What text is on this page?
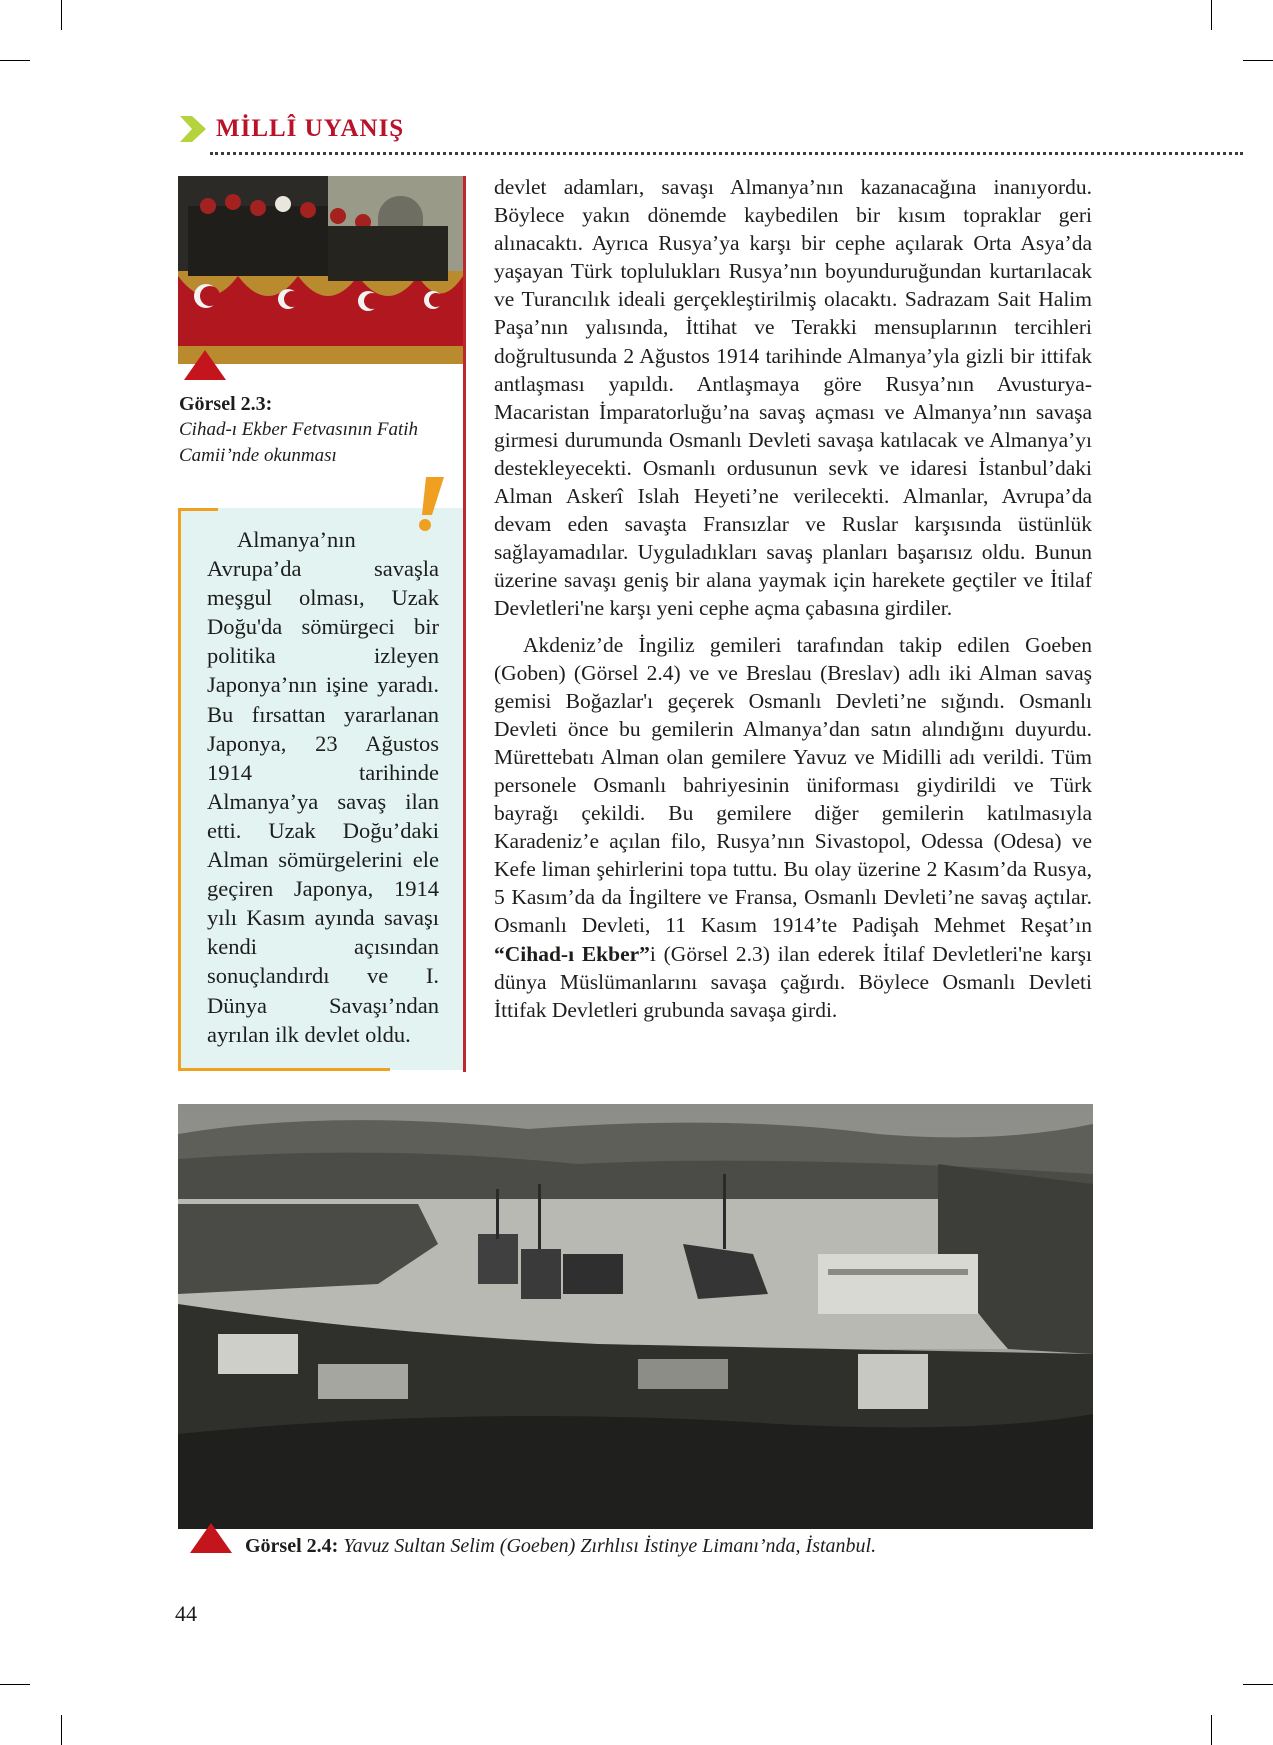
MİLLÎ UYANIŞ
Görsel 2.3:
Cihad-ı Ekber Fetvasının Fatih Camii’nde okunması
Almanya’nın Avrupa’da savaşla meşgul olması, Uzak Doğu'da sömürgeci bir politika izleyen Japonya’nın işine yaradı. Bu fırsattan yararlanan Japonya, 23 Ağustos 1914 tarihinde Almanya’ya savaş ilan etti. Uzak Doğu’daki Alman sömürgelerini ele geçiren Japonya, 1914 yılı Kasım ayında savaşı kendi açısından sonuçlandırdı ve I. Dünya Savaşı’ndan ayrılan ilk devlet oldu.

devlet adamları, savaşı Almanya’nın kazanacağına inanıyordu. Böylece yakın dönemde kaybedilen bir kısım topraklar geri alınacaktı. Ayrıca Rusya’ya karşı bir cephe açılarak Orta Asya’da yaşayan Türk toplulukları Rusya’nın boyunduruğundan kurtarılacak ve Turancılık ideali gerçekleştirilmiş olacaktı. Sadrazam Sait Halim Paşa’nın yalısında, İttihat ve Terakki mensuplarının tercihleri doğrultusunda 2 Ağustos 1914 tarihinde Almanya’yla gizli bir ittifak antlaşması yapıldı. Antlaşmaya göre Rusya’nın Avusturya-Macaristan İmparatorluğu’na savaş açması ve Almanya’nın savaşa girmesi durumunda Osmanlı Devleti savaşa katılacak ve Almanya’yı destekleyecekti. Osmanlı ordusunun sevk ve idaresi İstanbul’daki Alman Askerî Islah Heyeti’ne verilecekti. Almanlar, Avrupa’da devam eden savaşta Fransızlar ve Ruslar karşısında üstünlük sağlayamadılar. Uyguladıkları savaş planları başarısız oldu. Bunun üzerine savaşı geniş bir alana yaymak için harekete geçtiler ve İtilaf Devletleri'ne karşı yeni cephe açma çabasına girdiler.

Akdeniz’de İngiliz gemileri tarafından takip edilen Goeben (Goben) (Görsel 2.4) ve ve Breslau (Breslav) adlı iki Alman savaş gemisi Boğazlar'ı geçerek Osmanlı Devleti’ne sığındı. Osmanlı Devleti önce bu gemilerin Almanya’dan satın alındığını duyurdu. Mürettebatı Alman olan gemilere Yavuz ve Midilli adı verildi. Tüm personele Osmanlı bahriyesinin üniforması giydirildi ve Türk bayrağı çekildi. Bu gemilere diğer gemilerin katılmasıyla Karadeniz’e açılan filo, Rusya’nın Sivastopol, Odessa (Odesa) ve Kefe liman şehirlerini topa tuttu. Bu olay üzerine 2 Kasım’da Rusya, 5 Kasım’da da İngiltere ve Fransa, Osmanlı Devleti’ne savaş açtılar. Osmanlı Devleti, 11 Kasım 1914’te Padişah Mehmet Reşat’ın “Cihad-ı Ekber”i (Görsel 2.3) ilan ederek İtilaf Devletleri'ne karşı dünya Müslümanlarını savaşa çağırdı. Böylece Osmanlı Devleti İttifak Devletleri grubunda savaşa girdi.

Görsel 2.4: Yavuz Sultan Selim (Goeben) Zırhlısı İstinye Limanı’nda, İstanbul.
44
